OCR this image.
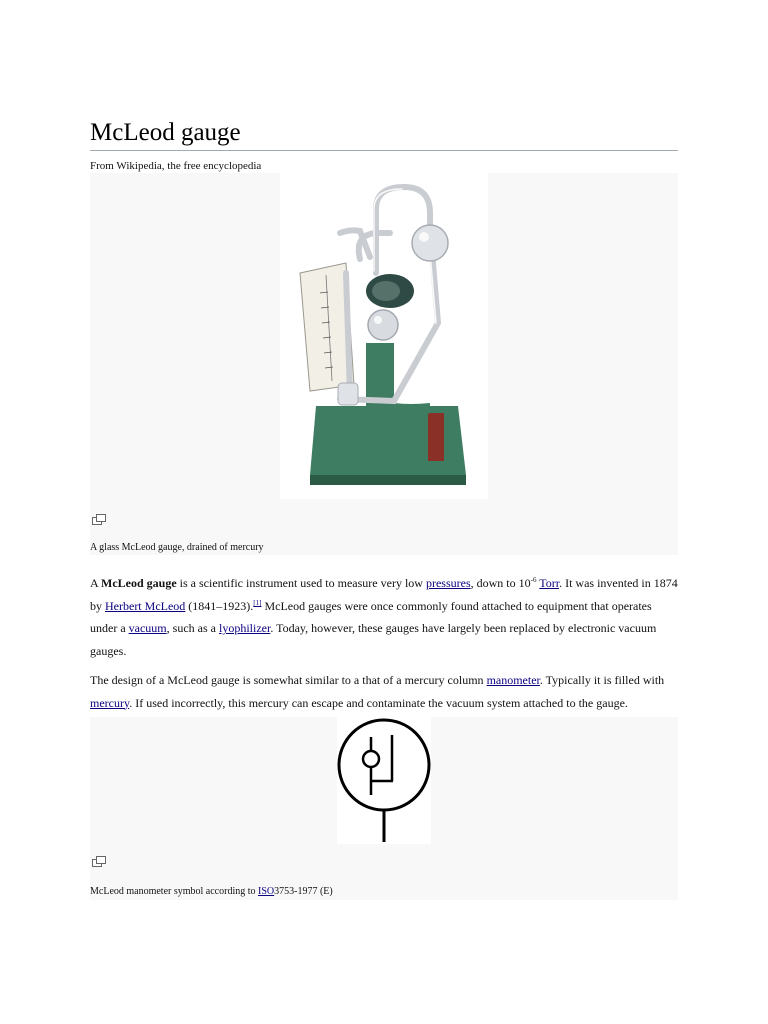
McLeod gauge
From Wikipedia, the free encyclopedia
A glass McLeod gauge, drained of mercury

A McLeod gauge is a scientific instrument used to measure very low pressures, down to $10^{-6}$ Torr. It was invented in 1874 by Herbert McLeod (1841–1923).[1] McLeod gauges were once commonly found attached to equipment that operates under a vacuum, such as a lyophilizer. Today, however, these gauges have largely been replaced by electronic vacuum gauges.

The design of a McLeod gauge is somewhat similar to a that of a mercury column manometer. Typically it is filled with mercury. If used incorrectly, this mercury can escape and contaminate the vacuum system attached to the gauge.

McLeod manometer symbol according to ISO3753-1977 (E)
